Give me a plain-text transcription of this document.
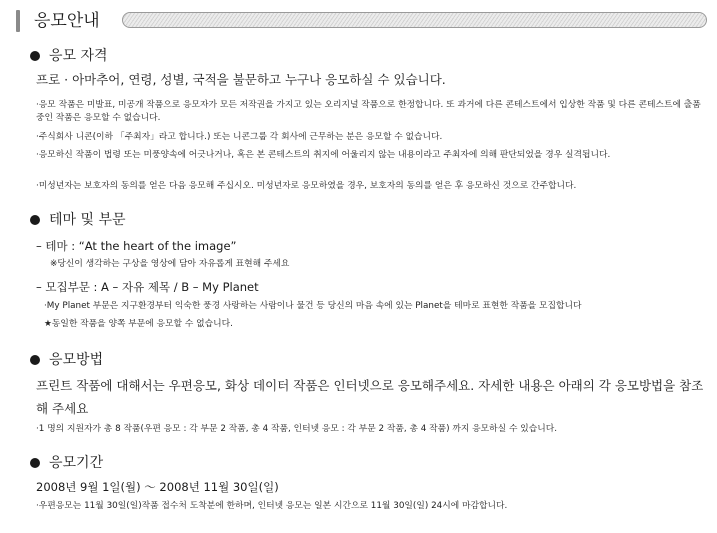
응모안내
응모 자격
프로 · 아마추어, 연령, 성별, 국적을 불문하고 누구나 응모하실 수 있습니다.
·응모 작품은 미발표, 미공개 작품으로 응모자가 모든 저작권을 가지고 있는 오리지널 작품으로 한정합니다. 또 과거에 다른 콘테스트에서 입상한 작품 및 다른 콘테스트에 출품 중인 작품은 응모할 수 없습니다.
·주식회사 니콘(이하 「주최자」라고 합니다.) 또는 니콘그룹 각 회사에 근무하는 분은 응모할 수 없습니다.
·응모하신 작품이 법령 또는 미풍양속에 어긋나거나, 혹은 본 콘테스트의 취지에 어울리지 않는 내용이라고 주최자에 의해 판단되었을 경우 실격됩니다.
·미성년자는 보호자의 동의를 얻은 다음 응모해 주십시오. 미성년자로 응모하였을 경우, 보호자의 동의를 얻은 후 응모하신 것으로 간주합니다.
테마 및 부문
– 테마 : “At the heart of the image”
※당신이 생각하는 구상을 영상에 담아 자유롭게 표현해 주세요
– 모집부문 : A – 자유 제목 / B – My Planet
·My Planet 부문은 지구환경부터 익숙한 풍경 사랑하는 사람이나 물건 등 당신의 마음 속에 있는 Planet을 테마로 표현한 작품을 모집합니다
★동일한 작품을 양쪽 부문에 응모할 수 없습니다.
응모방법
프린트 작품에 대해서는 우편응모, 화상 데이터 작품은 인터넷으로 응모해주세요. 자세한 내용은 아래의 각 응모방법을 참조해 주세요
·1 명의 지원자가 총 8 작품(우편 응모 : 각 부문 2 작품, 총 4 작품, 인터넷 응모 : 각 부문 2 작품, 총 4 작품) 까지 응모하실 수 있습니다.
응모기간
2008년 9월 1일(월) ～ 2008년 11월 30일(일)
·우편응모는 11월 30일(일)작품 접수처 도착분에 한하며, 인터넷 응모는 일본 시간으로 11월 30일(일) 24시에 마감합니다.
